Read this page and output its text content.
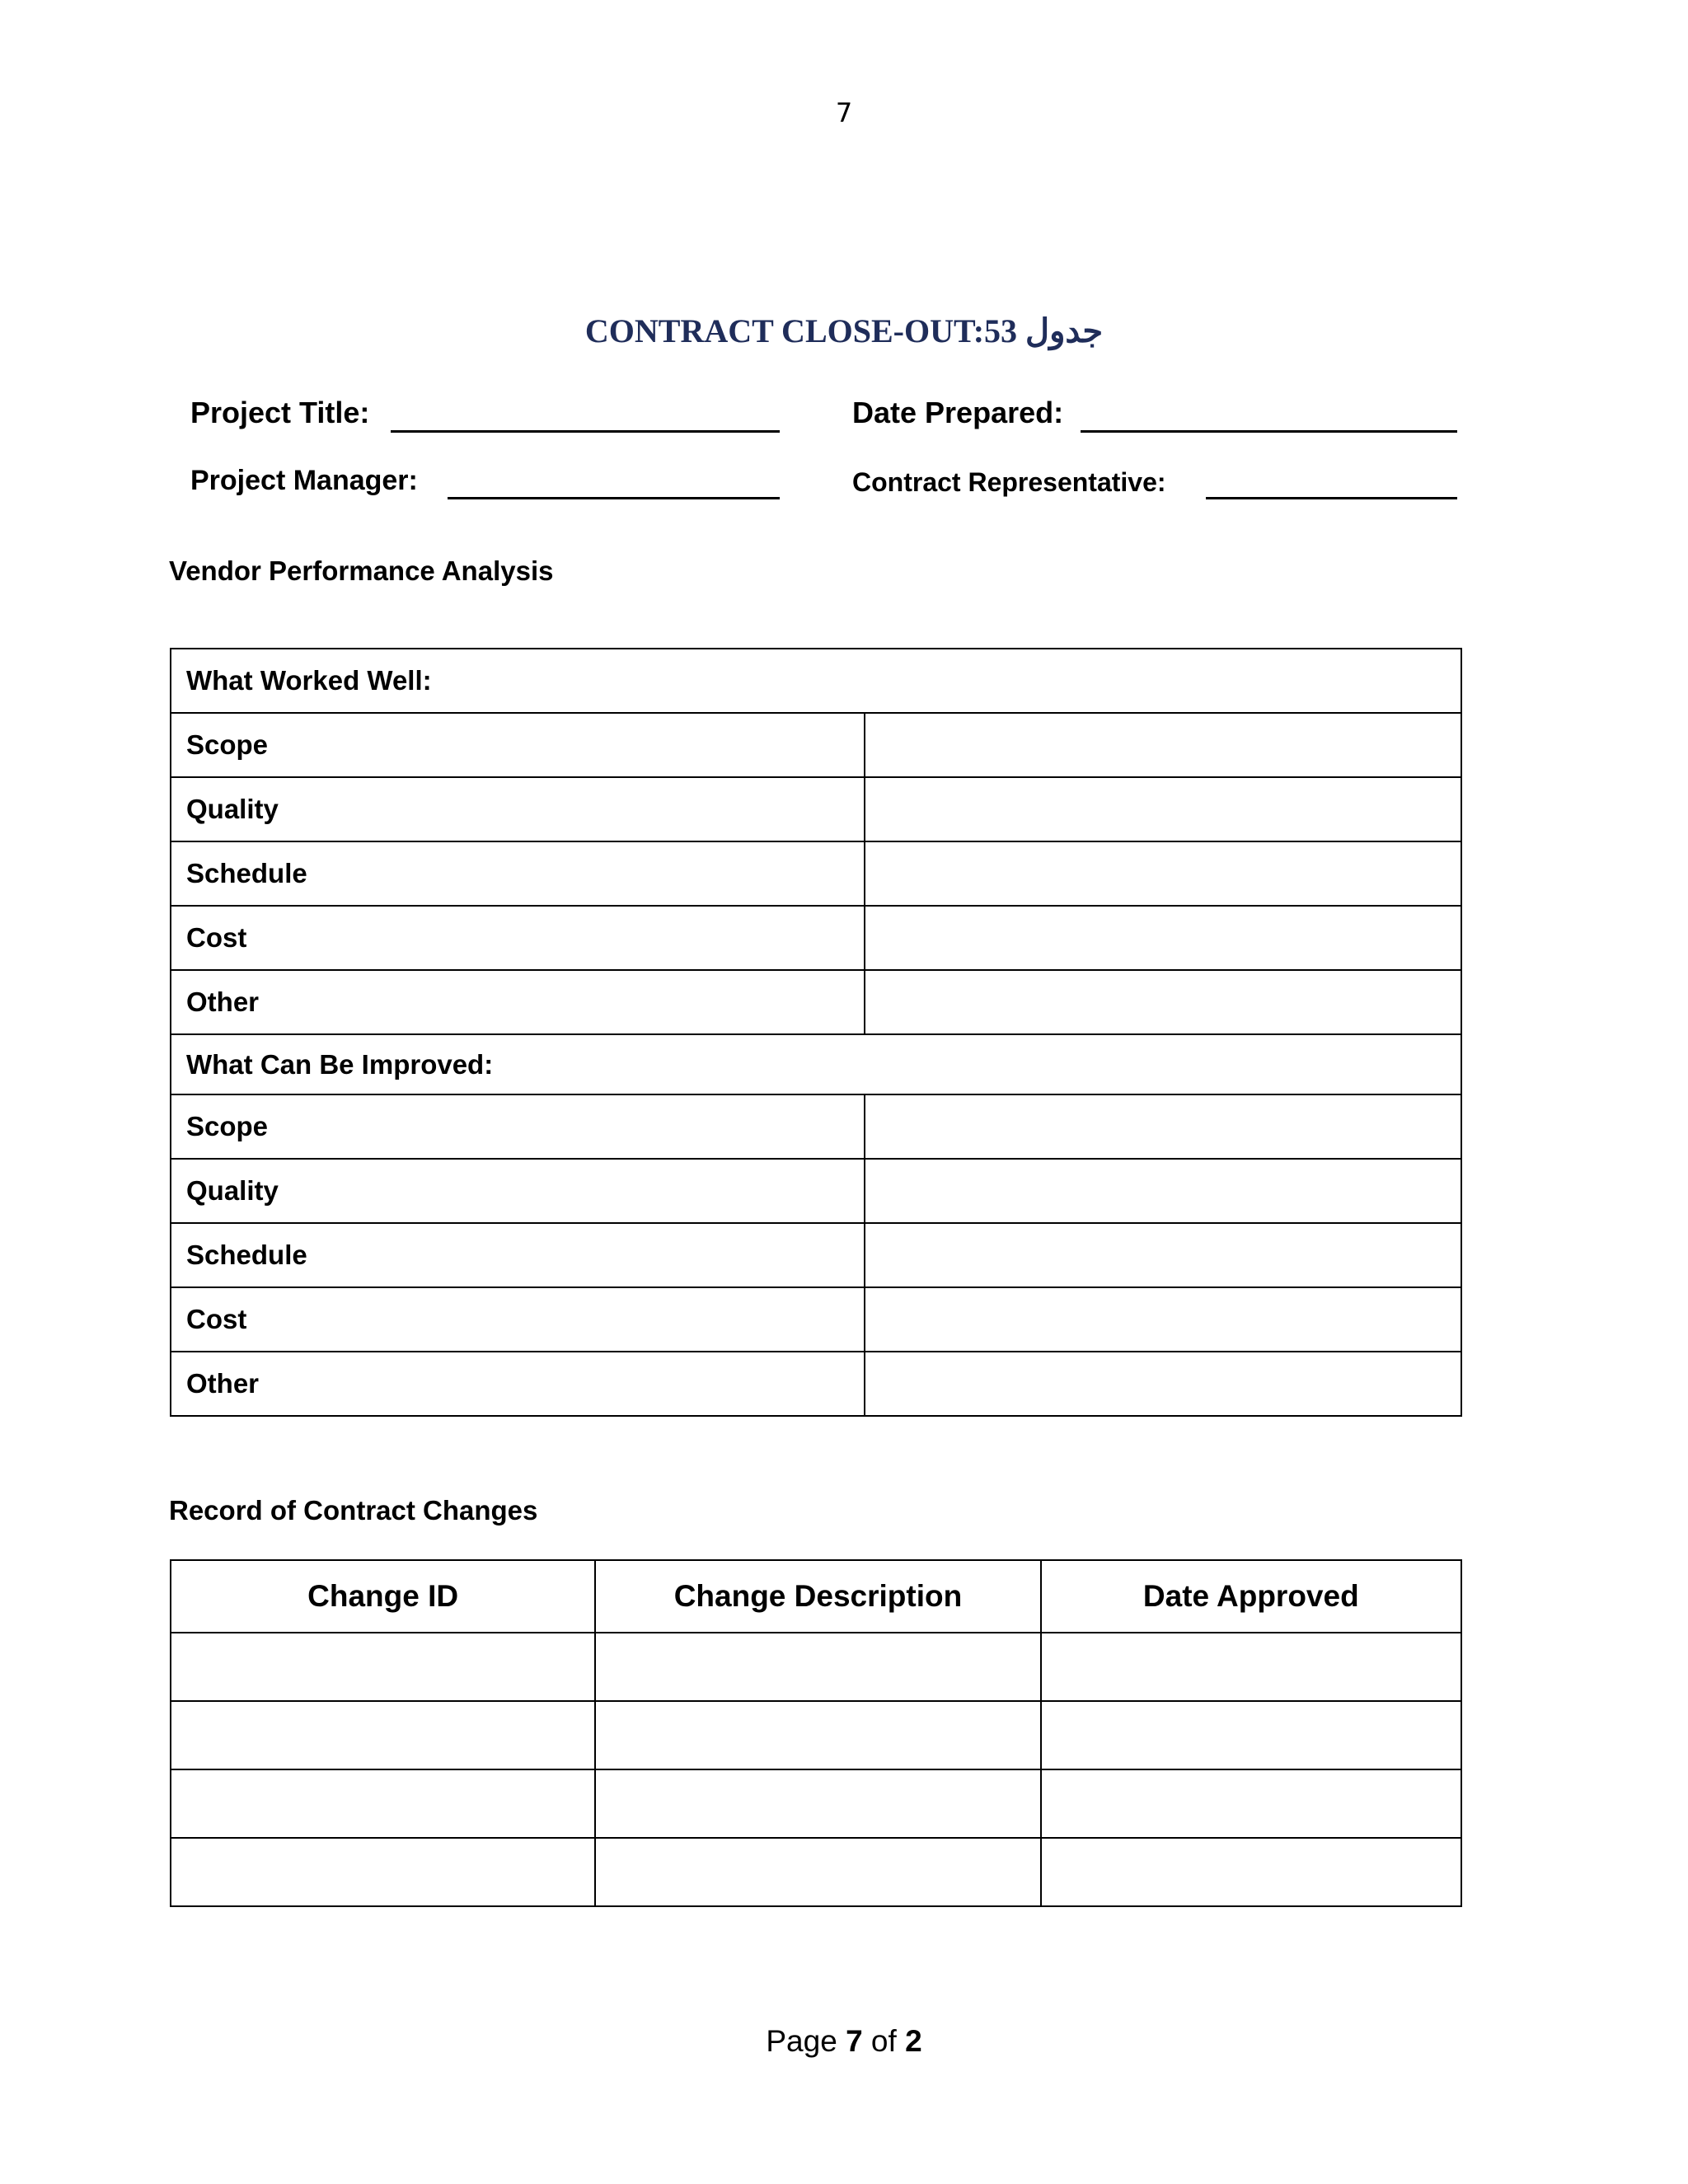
7
CONTRACT CLOSE-OUT:53 جدول
Project Title:	Date Prepared:
Project Manager:	Contract Representative:
Vendor Performance Analysis
What Worked Well:	
Scope	
Quality	
Schedule	
Cost	
Other	
What Can Be Improved:	
Scope	
Quality	
Schedule	
Cost	
Other	
Record of Contract Changes
Change ID	Change Description	Date Approved

Page 7 of 2
